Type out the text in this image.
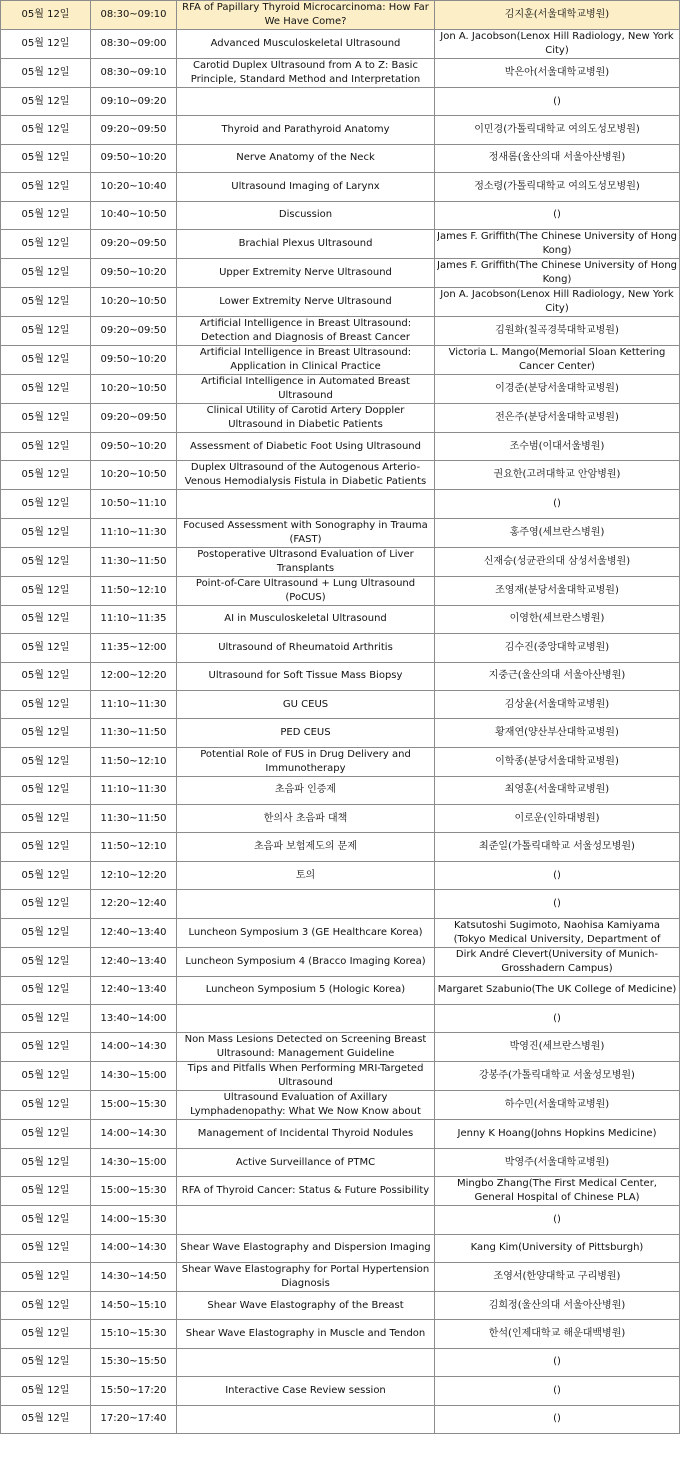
05월 12일	08:30~09:10	RFA of Papillary Thyroid Microcarcinoma: How Far We Have Come?	김지훈(서울대학교병원)

05월 12일	08:30~09:00	Advanced Musculoskeletal Ultrasound	Jon A. Jacobson(Lenox Hill Radiology, New York City)

05월 12일	08:30~09:10	Carotid Duplex Ultrasound from A to Z: Basic Principle, Standard Method and Interpretation	박은아(서울대학교병원)

05월 12일	09:10~09:20		()

05월 12일	09:20~09:50	Thyroid and Parathyroid Anatomy	이민경(가톨릭대학교 여의도성모병원)

05월 12일	09:50~10:20	Nerve Anatomy of the Neck	정새롬(울산의대 서울아산병원)

05월 12일	10:20~10:40	Ultrasound Imaging of Larynx	정소령(가톨릭대학교 여의도성모병원)

05월 12일	10:40~10:50	Discussion	()

05월 12일	09:20~09:50	Brachial Plexus Ultrasound	James F. Griffith(The Chinese University of Hong Kong)

05월 12일	09:50~10:20	Upper Extremity Nerve Ultrasound	James F. Griffith(The Chinese University of Hong Kong)

05월 12일	10:20~10:50	Lower Extremity Nerve Ultrasound	Jon A. Jacobson(Lenox Hill Radiology, New York City)

05월 12일	09:20~09:50	Artificial Intelligence in Breast Ultrasound: Detection and Diagnosis of Breast Cancer	김원화(칠곡경북대학교병원)

05월 12일	09:50~10:20	Artificial Intelligence in Breast Ultrasound: Application in Clinical Practice	Victoria L. Mango(Memorial Sloan Kettering Cancer Center)

05월 12일	10:20~10:50	Artificial Intelligence in Automated Breast Ultrasound	이경준(분당서울대학교병원)

05월 12일	09:20~09:50	Clinical Utility of Carotid Artery Doppler Ultrasound in Diabetic Patients	전은주(분당서울대학교병원)

05월 12일	09:50~10:20	Assessment of Diabetic Foot Using Ultrasound	조수범(이대서울병원)

05월 12일	10:20~10:50	Duplex Ultrasound of the Autogenous Arterio-Venous Hemodialysis Fistula in Diabetic Patients	권요한(고려대학교 안암병원)

05월 12일	10:50~11:10		()

05월 12일	11:10~11:30	Focused Assessment with Sonography in Trauma (FAST)	홍주영(세브란스병원)

05월 12일	11:30~11:50	Postoperative Ultrasond Evaluation of Liver Transplants	신재승(성균관의대 삼성서울병원)

05월 12일	11:50~12:10	Point-of-Care Ultrasound + Lung Ultrasound (PoCUS)	조영재(분당서울대학교병원)

05월 12일	11:10~11:35	AI in Musculoskeletal Ultrasound	이영한(세브란스병원)

05월 12일	11:35~12:00	Ultrasound of Rheumatoid Arthritis	김수진(중앙대학교병원)

05월 12일	12:00~12:20	Ultrasound for Soft Tissue Mass Biopsy	지중근(울산의대 서울아산병원)

05월 12일	11:10~11:30	GU CEUS	김상윤(서울대학교병원)

05월 12일	11:30~11:50	PED CEUS	황재연(양산부산대학교병원)

05월 12일	11:50~12:10	Potential Role of FUS in Drug Delivery and Immunotherapy	이학종(분당서울대학교병원)

05월 12일	11:10~11:30	초음파 인증제	최영훈(서울대학교병원)

05월 12일	11:30~11:50	한의사 초음파 대책	이로운(인하대병원)

05월 12일	11:50~12:10	초음파 보험제도의 문제	최준일(가톨릭대학교 서울성모병원)

05월 12일	12:10~12:20	토의	()

05월 12일	12:20~12:40		()

05월 12일	12:40~13:40	Luncheon Symposium 3 (GE Healthcare Korea)	Katsutoshi Sugimoto, Naohisa Kamiyama (Tokyo Medical University, Department of

05월 12일	12:40~13:40	Luncheon Symposium 4 (Bracco Imaging Korea)	Dirk André Clevert(University of Munich-Grosshadern Campus)

05월 12일	12:40~13:40	Luncheon Symposium 5 (Hologic Korea)	Margaret Szabunio(The UK College of Medicine)

05월 12일	13:40~14:00		()

05월 12일	14:00~14:30	Non Mass Lesions Detected on Screening Breast Ultrasound: Management Guideline	박영진(세브란스병원)

05월 12일	14:30~15:00	Tips and Pitfalls When Performing MRI-Targeted Ultrasound	강봉주(가톨릭대학교 서울성모병원)

05월 12일	15:00~15:30	Ultrasound Evaluation of Axillary Lymphadenopathy: What We Now Know about	하수민(서울대학교병원)

05월 12일	14:00~14:30	Management of Incidental Thyroid Nodules	Jenny K Hoang(Johns Hopkins Medicine)

05월 12일	14:30~15:00	Active Surveillance of PTMC	박영주(서울대학교병원)

05월 12일	15:00~15:30	RFA of Thyroid Cancer: Status & Future Possibility	Mingbo Zhang(The First Medical Center, General Hospital of Chinese PLA)

05월 12일	14:00~15:30		()

05월 12일	14:00~14:30	Shear Wave Elastography and Dispersion Imaging	Kang Kim(University of Pittsburgh)

05월 12일	14:30~14:50	Shear Wave Elastography for Portal Hypertension Diagnosis	조영서(한양대학교 구리병원)

05월 12일	14:50~15:10	Shear Wave Elastography of the Breast	김희정(울산의대 서울아산병원)

05월 12일	15:10~15:30	Shear Wave Elastography in Muscle and Tendon	한석(인제대학교 해운대백병원)

05월 12일	15:30~15:50		()

05월 12일	15:50~17:20	Interactive Case Review session	()

05월 12일	17:20~17:40		()
